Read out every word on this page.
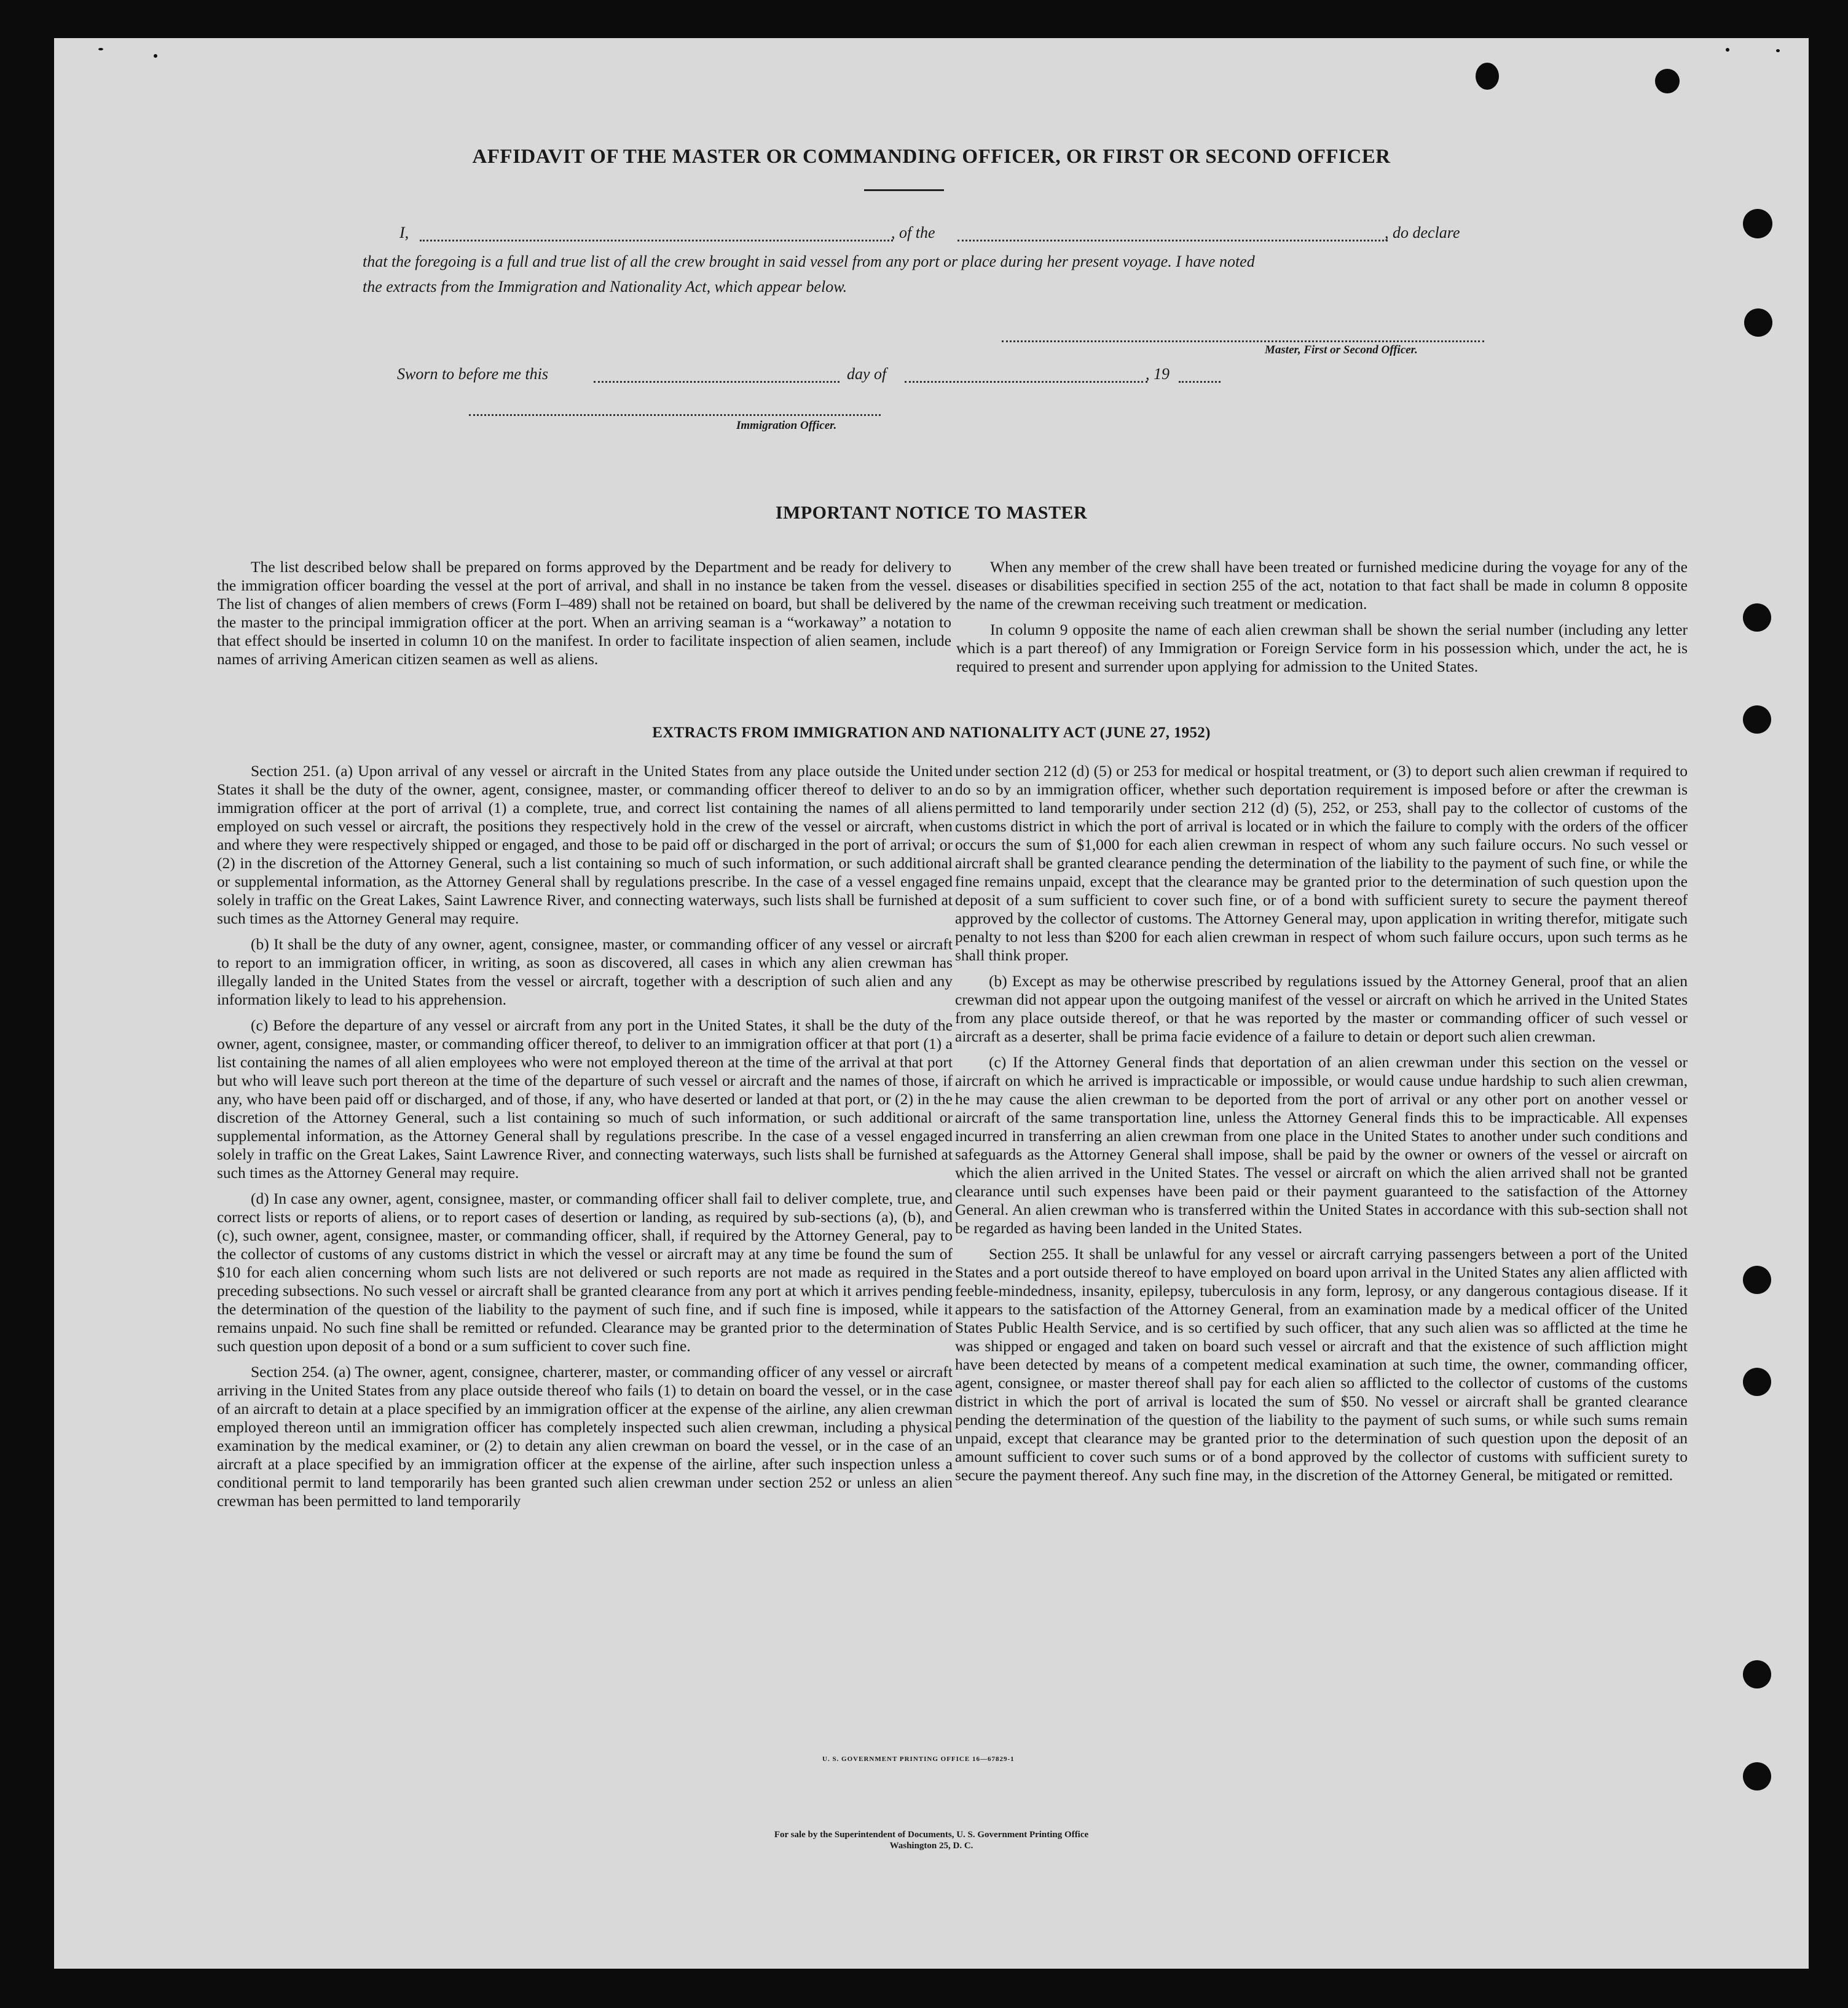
AFFIDAVIT OF THE MASTER OR COMMANDING OFFICER, OR FIRST OR SECOND OFFICER
I,	, of the	, do declare
that the foregoing is a full and true list of all the crew brought in said vessel from any port or place during her present voyage. I have noted
the extracts from the Immigration and Nationality Act, which appear below.
Master, First or Second Officer.
Sworn to before me this	day of	, 19
Immigration Officer.
IMPORTANT NOTICE TO MASTER

The list described below shall be prepared on forms approved by the Department and be ready for delivery to the immigration officer boarding the vessel at the port of arrival, and shall in no instance be taken from the vessel. The list of changes of alien members of crews (Form I–489) shall not be retained on board, but shall be delivered by the master to the principal immigration officer at the port. When an arriving seaman is a “workaway” a notation to that effect should be inserted in column 10 on the manifest. In order to facilitate inspection of alien seamen, include names of arriving American citizen seamen as well as aliens.

When any member of the crew shall have been treated or furnished medicine during the voyage for any of the diseases or disabilities specified in section 255 of the act, notation to that fact shall be made in column 8 opposite the name of the crewman receiving such treatment or medication.

In column 9 opposite the name of each alien crewman shall be shown the serial number (including any letter which is a part thereof) of any Immigration or Foreign Service form in his possession which, under the act, he is required to present and surrender upon applying for admission to the United States.

EXTRACTS FROM IMMIGRATION AND NATIONALITY ACT (JUNE 27, 1952)

Section 251. (a) Upon arrival of any vessel or aircraft in the United States from any place outside the United States it shall be the duty of the owner, agent, consignee, master, or commanding officer thereof to deliver to an immigration officer at the port of arrival (1) a complete, true, and correct list containing the names of all aliens employed on such vessel or aircraft, the positions they respectively hold in the crew of the vessel or aircraft, when and where they were respectively shipped or engaged, and those to be paid off or discharged in the port of arrival; or (2) in the discretion of the Attorney General, such a list containing so much of such information, or such additional or supplemental information, as the Attorney General shall by regulations prescribe. In the case of a vessel engaged solely in traffic on the Great Lakes, Saint Lawrence River, and connecting waterways, such lists shall be furnished at such times as the Attorney General may require.

(b) It shall be the duty of any owner, agent, consignee, master, or commanding officer of any vessel or aircraft to report to an immigration officer, in writing, as soon as discovered, all cases in which any alien crewman has illegally landed in the United States from the vessel or aircraft, together with a description of such alien and any information likely to lead to his apprehension.

(c) Before the departure of any vessel or aircraft from any port in the United States, it shall be the duty of the owner, agent, consignee, master, or commanding officer thereof, to deliver to an immigration officer at that port (1) a list containing the names of all alien employees who were not employed thereon at the time of the arrival at that port but who will leave such port thereon at the time of the departure of such vessel or aircraft and the names of those, if any, who have been paid off or discharged, and of those, if any, who have deserted or landed at that port, or (2) in the discretion of the Attorney General, such a list containing so much of such information, or such additional or supplemental information, as the Attorney General shall by regulations prescribe. In the case of a vessel engaged solely in traffic on the Great Lakes, Saint Lawrence River, and connecting waterways, such lists shall be furnished at such times as the Attorney General may require.

(d) In case any owner, agent, consignee, master, or commanding officer shall fail to deliver complete, true, and correct lists or reports of aliens, or to report cases of desertion or landing, as required by sub-sections (a), (b), and (c), such owner, agent, consignee, master, or commanding officer, shall, if required by the Attorney General, pay to the collector of customs of any customs district in which the vessel or aircraft may at any time be found the sum of $10 for each alien concerning whom such lists are not delivered or such reports are not made as required in the preceding subsections. No such vessel or aircraft shall be granted clearance from any port at which it arrives pending the determination of the question of the liability to the payment of such fine, and if such fine is imposed, while it remains unpaid. No such fine shall be remitted or refunded. Clearance may be granted prior to the determination of such question upon deposit of a bond or a sum sufficient to cover such fine.

Section 254. (a) The owner, agent, consignee, charterer, master, or commanding officer of any vessel or aircraft arriving in the United States from any place outside thereof who fails (1) to detain on board the vessel, or in the case of an aircraft to detain at a place specified by an immigration officer at the expense of the airline, any alien crewman employed thereon until an immigration officer has completely inspected such alien crewman, including a physical examination by the medical examiner, or (2) to detain any alien crewman on board the vessel, or in the case of an aircraft at a place specified by an immigration officer at the expense of the airline, after such inspection unless a conditional permit to land temporarily has been granted such alien crewman under section 252 or unless an alien crewman has been permitted to land temporarily

under section 212 (d) (5) or 253 for medical or hospital treatment, or (3) to deport such alien crewman if required to do so by an immigration officer, whether such deportation requirement is imposed before or after the crewman is permitted to land temporarily under section 212 (d) (5), 252, or 253, shall pay to the collector of customs of the customs district in which the port of arrival is located or in which the failure to comply with the orders of the officer occurs the sum of $1,000 for each alien crewman in respect of whom any such failure occurs. No such vessel or aircraft shall be granted clearance pending the determination of the liability to the payment of such fine, or while the fine remains unpaid, except that the clearance may be granted prior to the determination of such question upon the deposit of a sum sufficient to cover such fine, or of a bond with sufficient surety to secure the payment thereof approved by the collector of customs. The Attorney General may, upon application in writing therefor, mitigate such penalty to not less than $200 for each alien crewman in respect of whom such failure occurs, upon such terms as he shall think proper.

(b) Except as may be otherwise prescribed by regulations issued by the Attorney General, proof that an alien crewman did not appear upon the outgoing manifest of the vessel or aircraft on which he arrived in the United States from any place outside thereof, or that he was reported by the master or commanding officer of such vessel or aircraft as a deserter, shall be prima facie evidence of a failure to detain or deport such alien crewman.

(c) If the Attorney General finds that deportation of an alien crewman under this section on the vessel or aircraft on which he arrived is impracticable or impossible, or would cause undue hardship to such alien crewman, he may cause the alien crewman to be deported from the port of arrival or any other port on another vessel or aircraft of the same transportation line, unless the Attorney General finds this to be impracticable. All expenses incurred in transferring an alien crewman from one place in the United States to another under such conditions and safeguards as the Attorney General shall impose, shall be paid by the owner or owners of the vessel or aircraft on which the alien arrived in the United States. The vessel or aircraft on which the alien arrived shall not be granted clearance until such expenses have been paid or their payment guaranteed to the satisfaction of the Attorney General. An alien crewman who is transferred within the United States in accordance with this sub-section shall not be regarded as having been landed in the United States.

Section 255. It shall be unlawful for any vessel or aircraft carrying passengers between a port of the United States and a port outside thereof to have employed on board upon arrival in the United States any alien afflicted with feeble-mindedness, insanity, epilepsy, tuberculosis in any form, leprosy, or any dangerous contagious disease. If it appears to the satisfaction of the Attorney General, from an examination made by a medical officer of the United States Public Health Service, and is so certified by such officer, that any such alien was so afflicted at the time he was shipped or engaged and taken on board such vessel or aircraft and that the existence of such affliction might have been detected by means of a competent medical examination at such time, the owner, commanding officer, agent, consignee, or master thereof shall pay for each alien so afflicted to the collector of customs of the customs district in which the port of arrival is located the sum of $50. No vessel or aircraft shall be granted clearance pending the determination of the question of the liability to the payment of such sums, or while such sums remain unpaid, except that clearance may be granted prior to the determination of such question upon the deposit of an amount sufficient to cover such sums or of a bond approved by the collector of customs with sufficient surety to secure the payment thereof. Any such fine may, in the discretion of the Attorney General, be mitigated or remitted.

U. S. GOVERNMENT PRINTING OFFICE 16—67829-1
For sale by the Superintendent of Documents, U. S. Government Printing Office
Washington 25, D. C.
